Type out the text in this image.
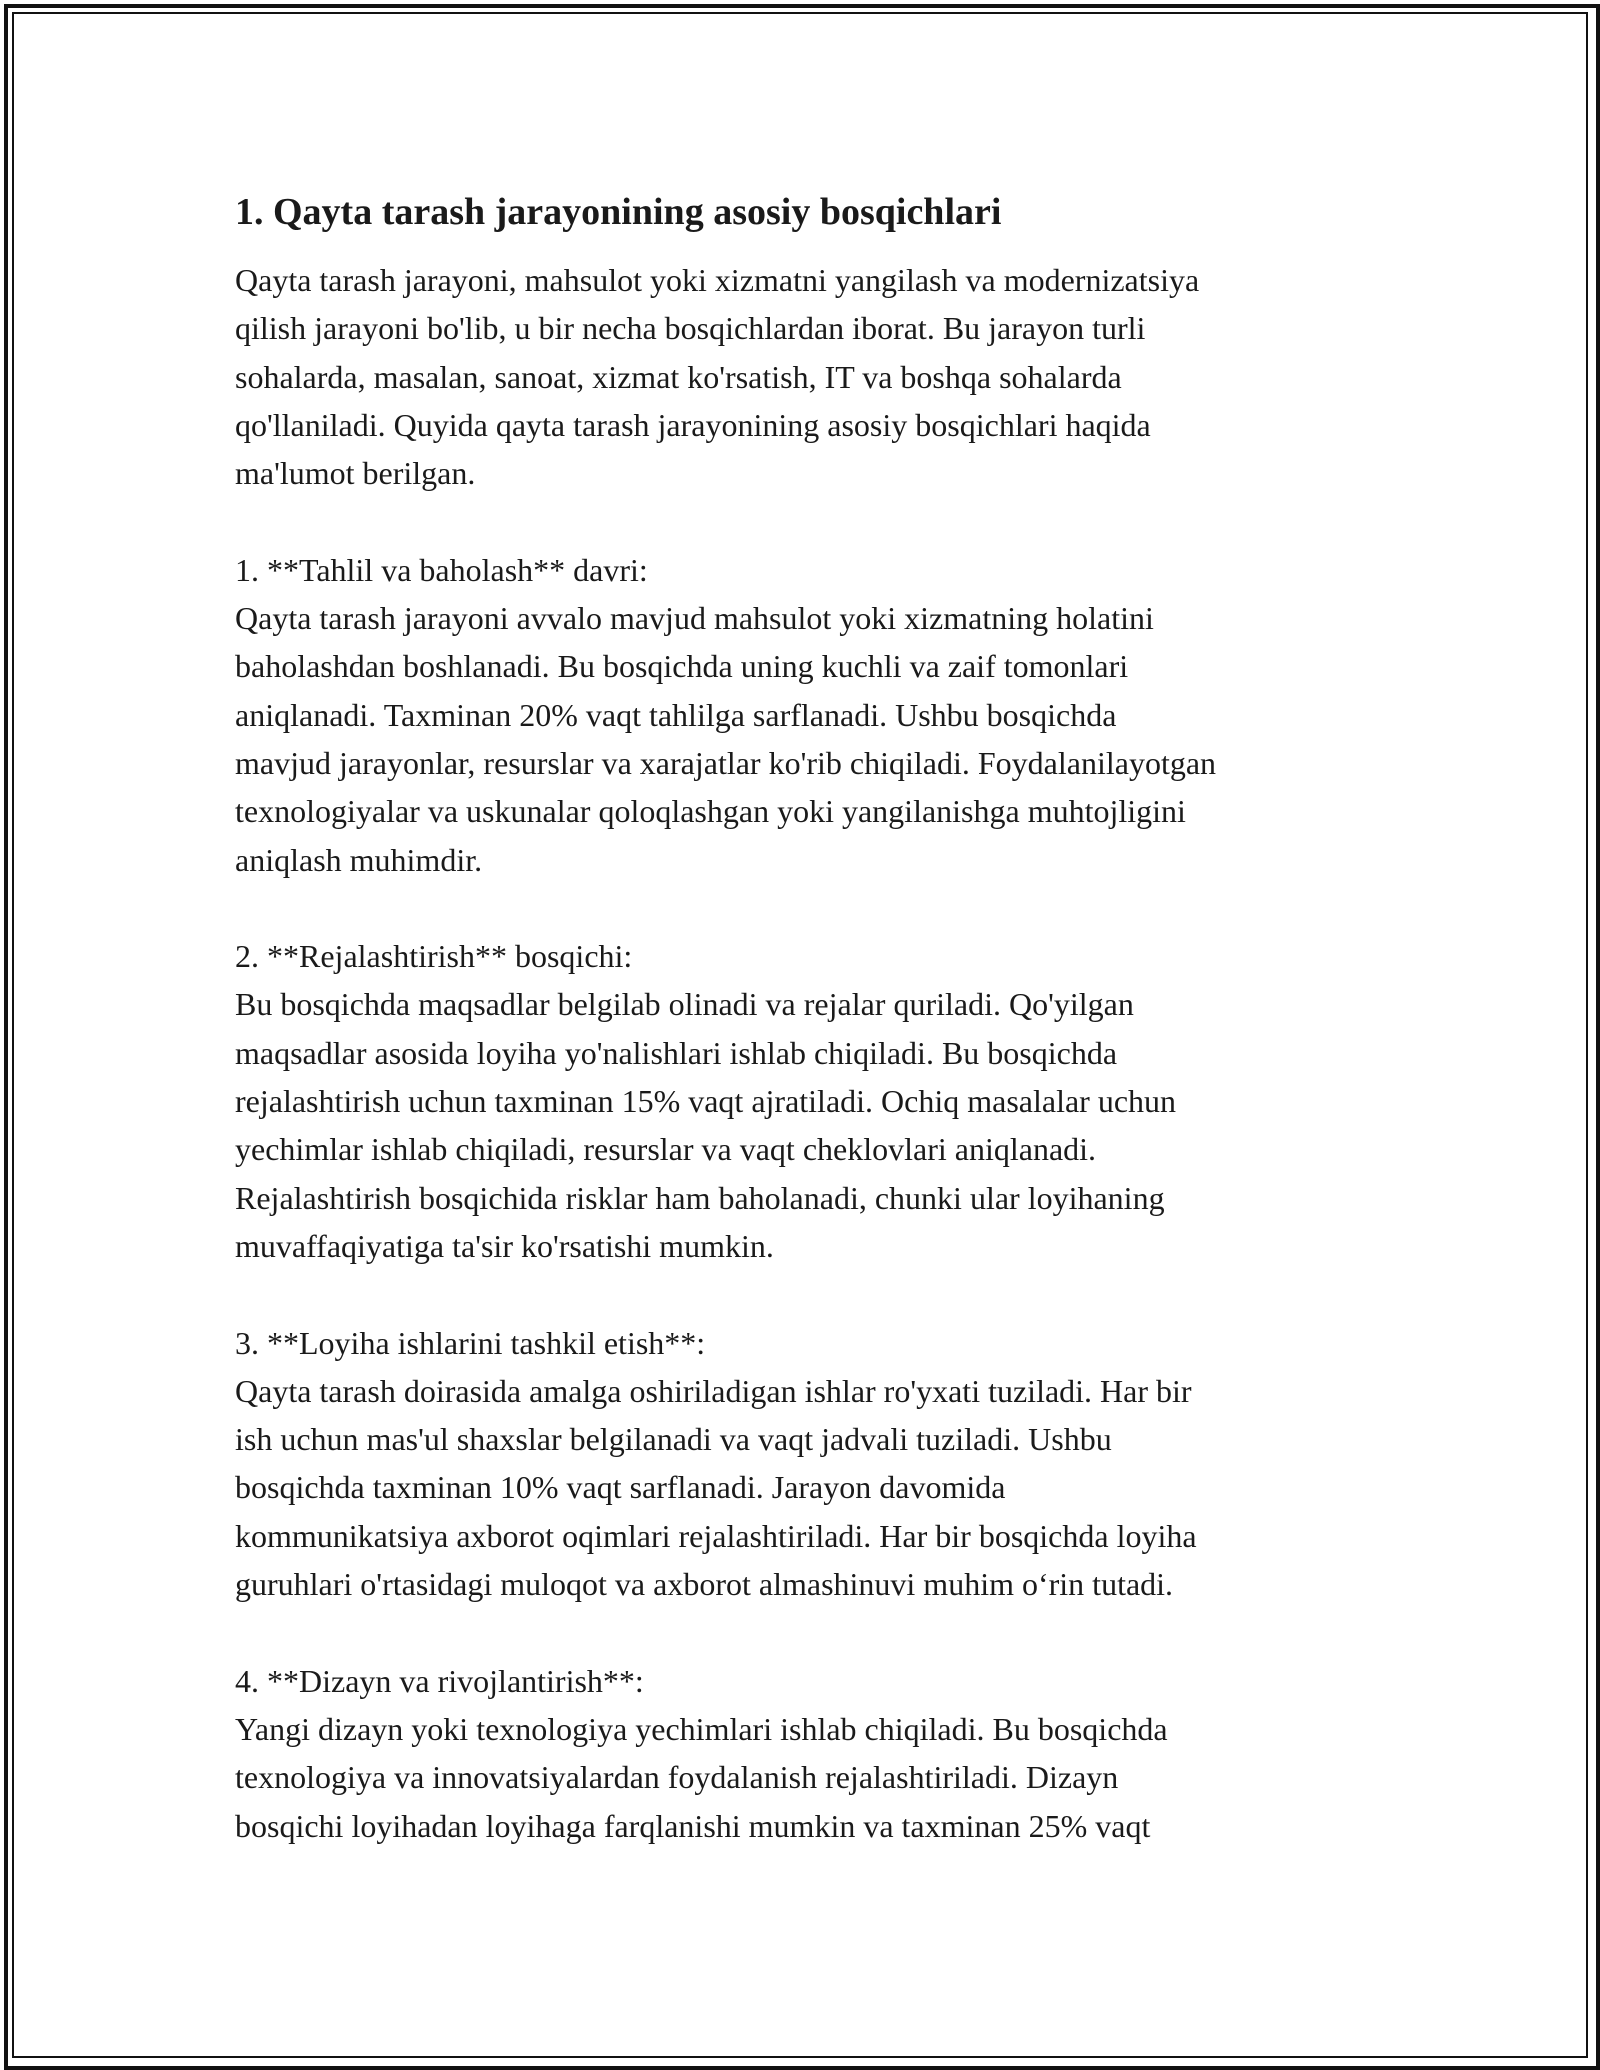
1. Qayta tarash jarayonining asosiy bosqichlari

Qayta tarash jarayoni, mahsulot yoki xizmatni yangilash va modernizatsiya
qilish jarayoni bo'lib, u bir necha bosqichlardan iborat. Bu jarayon turli
sohalarda, masalan, sanoat, xizmat ko'rsatish, IT va boshqa sohalarda
qo'llaniladi. Quyida qayta tarash jarayonining asosiy bosqichlari haqida
ma'lumot berilgan.

1. **Tahlil va baholash** davri:

Qayta tarash jarayoni avvalo mavjud mahsulot yoki xizmatning holatini
baholashdan boshlanadi. Bu bosqichda uning kuchli va zaif tomonlari
aniqlanadi. Taxminan 20% vaqt tahlilga sarflanadi. Ushbu bosqichda
mavjud jarayonlar, resurslar va xarajatlar ko'rib chiqiladi. Foydalanilayotgan
texnologiyalar va uskunalar qoloqlashgan yoki yangilanishga muhtojligini
aniqlash muhimdir.

2. **Rejalashtirish** bosqichi:

Bu bosqichda maqsadlar belgilab olinadi va rejalar quriladi. Qo'yilgan
maqsadlar asosida loyiha yo'nalishlari ishlab chiqiladi. Bu bosqichda
rejalashtirish uchun taxminan 15% vaqt ajratiladi. Ochiq masalalar uchun
yechimlar ishlab chiqiladi, resurslar va vaqt cheklovlari aniqlanadi.
Rejalashtirish bosqichida risklar ham baholanadi, chunki ular loyihaning
muvaffaqiyatiga ta'sir ko'rsatishi mumkin.

3. **Loyiha ishlarini tashkil etish**:

Qayta tarash doirasida amalga oshiriladigan ishlar ro'yxati tuziladi. Har bir
ish uchun mas'ul shaxslar belgilanadi va vaqt jadvali tuziladi. Ushbu
bosqichda taxminan 10% vaqt sarflanadi. Jarayon davomida
kommunikatsiya axborot oqimlari rejalashtiriladi. Har bir bosqichda loyiha
guruhlari o'rtasidagi muloqot va axborot almashinuvi muhim o‘rin tutadi.

4. **Dizayn va rivojlantirish**:

Yangi dizayn yoki texnologiya yechimlari ishlab chiqiladi. Bu bosqichda
texnologiya va innovatsiyalardan foydalanish rejalashtiriladi. Dizayn
bosqichi loyihadan loyihaga farqlanishi mumkin va taxminan 25% vaqt
